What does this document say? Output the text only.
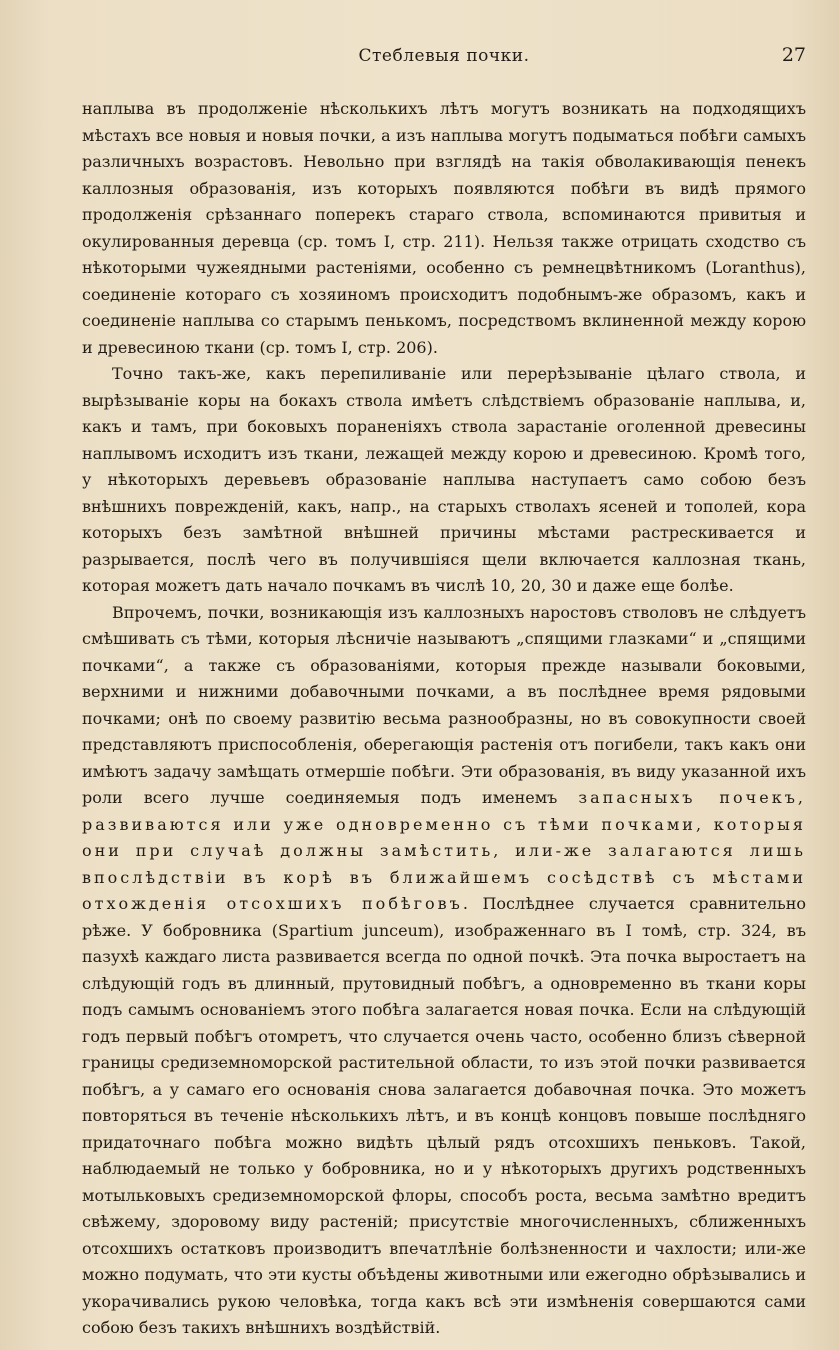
Стеблевыя почки.	27

наплыва въ продолженіе нѣсколькихъ лѣтъ могутъ возникать на подходящихъ мѣстахъ все новыя и новыя почки, а изъ наплыва могутъ подыматься побѣги самыхъ различныхъ возрастовъ. Невольно при взглядѣ на такія обволакивающія пенекъ каллозныя образованія, изъ которыхъ появляются побѣги въ видѣ прямого продолженія срѣзаннаго поперекъ стараго ствола, вспоминаются привитыя и окулированныя деревца (ср. томъ I, стр. 211). Нельзя также отрицать сходство съ нѣкоторыми чужеядными растеніями, особенно съ ремнецвѣтникомъ (Loranthus), соединеніе котораго съ хозяиномъ происходитъ подобнымъ-же образомъ, какъ и соединеніе наплыва со старымъ пенькомъ, посредствомъ вклиненной между корою и древесиною ткани (ср. томъ I, стр. 206).

Точно такъ-же, какъ перепиливаніе или перерѣзываніе цѣлаго ствола, и вырѣзываніе коры на бокахъ ствола имѣетъ слѣдствіемъ образованіе наплыва, и, какъ и тамъ, при боковыхъ пораненіяхъ ствола зарастаніе оголенной древесины наплывомъ исходитъ изъ ткани, лежащей между корою и древесиною. Кромѣ того, у нѣкоторыхъ деревьевъ образованіе наплыва наступаетъ само собою безъ внѣшнихъ поврежденій, какъ, напр., на старыхъ стволахъ ясеней и тополей, кора которыхъ безъ замѣтной внѣшней причины мѣстами растрескивается и разрывается, послѣ чего въ получившіяся щели включается каллозная ткань, которая можетъ дать начало почкамъ въ числѣ 10, 20, 30 и даже еще болѣе.

Впрочемъ, почки, возникающія изъ каллозныхъ наростовъ стволовъ не слѣдуетъ смѣшивать съ тѣми, которыя лѣсничіе называютъ „спящими глазками“ и „спящими почками“, а также съ образованіями, которыя прежде называли боковыми, верхними и нижними добавочными почками, а въ послѣднее время рядовыми почками; онѣ по своему развитію весьма разнообразны, но въ совокупности своей представляютъ приспособленія, оберегающія растенія отъ погибели, такъ какъ они имѣютъ задачу замѣщать отмершіе побѣги. Эти образованія, въ виду указанной ихъ роли всего лучше соединяемыя подъ именемъ запасныхъ почекъ, развиваются или уже одновременно съ тѣми почками, которыя они при случаѣ должны замѣстить, или-же залагаются лишь впослѣдствіи въ корѣ въ ближайшемъ сосѣдствѣ съ мѣстами отхожденія отсохшихъ побѣговъ. Послѣднее случается сравнительно рѣже. У бобровника (Spartium junceum), изображеннаго въ I томѣ, стр. 324, въ пазухѣ каждаго листа развивается всегда по одной почкѣ. Эта почка выростаетъ на слѣдующій годъ въ длинный, прутовидный побѣгъ, а одновременно въ ткани коры подъ самымъ основаніемъ этого побѣга залагается новая почка. Если на слѣдующій годъ первый побѣгъ отомретъ, что случается очень часто, особенно близъ сѣверной границы средиземноморской растительной области, то изъ этой почки развивается побѣгъ, а у самаго его основанія снова залагается добавочная почка. Это можетъ повторяться въ теченіе нѣсколькихъ лѣтъ, и въ концѣ концовъ повыше послѣдняго придаточнаго побѣга можно видѣть цѣлый рядъ отсохшихъ пеньковъ. Такой, наблюдаемый не только у бобровника, но и у нѣкоторыхъ другихъ родственныхъ мотыльковыхъ средиземноморской флоры, способъ роста, весьма замѣтно вредитъ свѣжему, здоровому виду растеній; присутствіе многочисленныхъ, сближенныхъ отсохшихъ остатковъ производитъ впечатлѣніе болѣзненности и чахлости; или-же можно подумать, что эти кусты объѣдены животными или ежегодно обрѣзывались и укорачивались рукою человѣка, тогда какъ всѣ эти измѣненія совершаются сами собою безъ такихъ внѣшнихъ воздѣйствій.
